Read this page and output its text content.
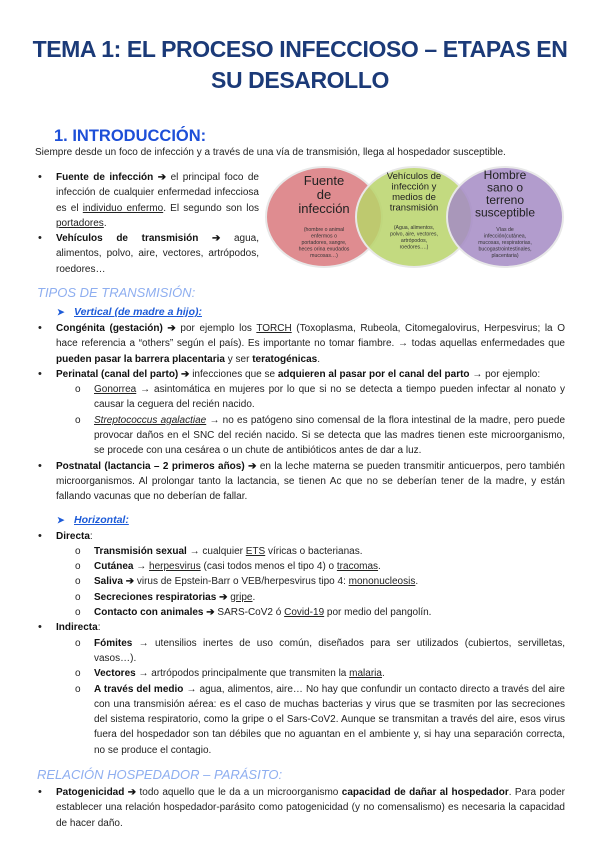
TEMA 1: EL PROCESO INFECCIOSO – ETAPAS EN
SU DESAROLLO
1. INTRODUCCIÓN:
Siempre desde un foco de infección y a través de una vía de transmisión, llega al hospedador susceptible.
• Fuente de infección ➔ el principal foco de infección de cualquier enfermedad infecciosa es el individuo enfermo. El segundo son los portadores.
• Vehículos de transmisión ➔ agua, alimentos, polvo, aire, vectores, artrópodos, roedores…
Fuente
de
infección
(hombre o animal
enfermos o
portadores, sangre,
heces orina exudados
mucosas…)
Vehículos de
infección y
medios de
transmisión
(Agua, alimentos,
polvo, aire, vectores,
artrópodos,
roedores….)
Hombre
sano o
terreno
susceptible
Vías de
infección(cutánea,
mucosas, respiratorias,
bucogastrointestinales,
placentaria)
TIPOS DE TRANSMISIÓN:
➤ Vertical (de madre a hijo):
• Congénita (gestación) ➔ por ejemplo los TORCH (Toxoplasma, Rubeola, Citomegalovirus, Herpesvirus; la O hace referencia a “others” según el país). Es importante no tomar fiambre. → todas aquellas enfermedades que pueden pasar la barrera placentaria y ser teratogénicas.
• Perinatal (canal del parto) ➔ infecciones que se adquieren al pasar por el canal del parto → por ejemplo:
o Gonorrea → asintomática en mujeres por lo que si no se detecta a tiempo pueden infectar al nonato y causar la ceguera del recién nacido.
o Streptococcus agalactiae → no es patógeno sino comensal de la flora intestinal de la madre, pero puede provocar daños en el SNC del recién nacido. Si se detecta que las madres tienen este microorganismo, se procede con una cesárea o un chute de antibióticos antes de dar a luz.
• Postnatal (lactancia – 2 primeros años) ➔ en la leche materna se pueden transmitir anticuerpos, pero también microorganismos. Al prolongar tanto la lactancia, se tienen Ac que no se deberían tener de la madre, y están fallando vacunas que no deberían de fallar.
➤ Horizontal:
• Directa:
o Transmisión sexual → cualquier ETS víricas o bacterianas.
o Cutánea → herpesvirus (casi todos menos el tipo 4) o tracomas.
o Saliva ➔ virus de Epstein-Barr o VEB/herpesvirus tipo 4: mononucleosis.
o Secreciones respiratorias ➔ gripe.
o Contacto con animales ➔ SARS-CoV2 ó Covid-19 por medio del pangolín.
• Indirecta:
o Fómites → utensilios inertes de uso común, diseñados para ser utilizados (cubiertos, servilletas, vasos…).
o Vectores → artrópodos principalmente que transmiten la malaria.
o A través del medio → agua, alimentos, aire… No hay que confundir un contacto directo a través del aire con una transmisión aérea: es el caso de muchas bacterias y virus que se trasmiten por las secreciones del sistema respiratorio, como la gripe o el Sars-CoV2. Aunque se transmitan a través del aire, esos virus fuera del hospedador son tan débiles que no aguantan en el ambiente y, si hay una separación correcta, no se produce el contagio.
RELACIÓN HOSPEDADOR – PARÁSITO:
• Patogenicidad ➔ todo aquello que le da a un microorganismo capacidad de dañar al hospedador. Para poder establecer una relación hospedador-parásito como patogenicidad (y no comensalismo) es necesaria la capacidad de hacer daño.
